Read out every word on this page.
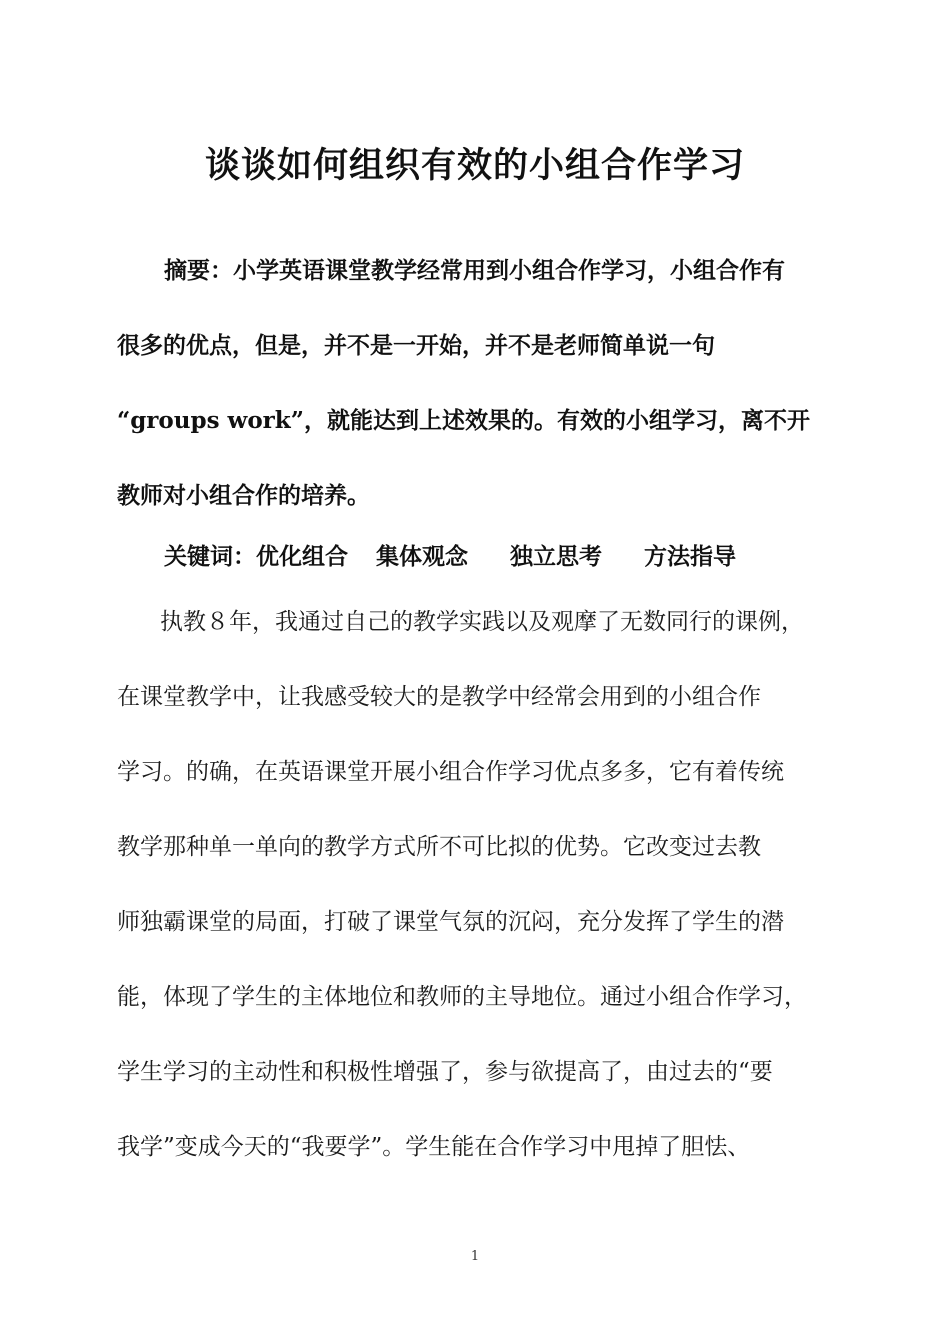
谈谈如何组织有效的小组合作学习
摘要：小学英语课堂教学经常用到小组合作学习，小组合作有
很多的优点，但是，并不是一开始，并不是老师简单说一句
“groups work”，就能达到上述效果的。有效的小组学习，离不开
教师对小组合作的培养。
关键词：优化组合 集体观念 独立思考 方法指导
执教８年，我通过自己的教学实践以及观摩了无数同行的课例，
在课堂教学中，让我感受较大的是教学中经常会用到的小组合作
学习。的确，在英语课堂开展小组合作学习优点多多，它有着传统
教学那种单一单向的教学方式所不可比拟的优势。它改变过去教
师独霸课堂的局面，打破了课堂气氛的沉闷，充分发挥了学生的潜
能，体现了学生的主体地位和教师的主导地位。通过小组合作学习，
学生学习的主动性和积极性增强了，参与欲提高了，由过去的“要
我学”变成今天的“我要学”。学生能在合作学习中甩掉了胆怯、
1
